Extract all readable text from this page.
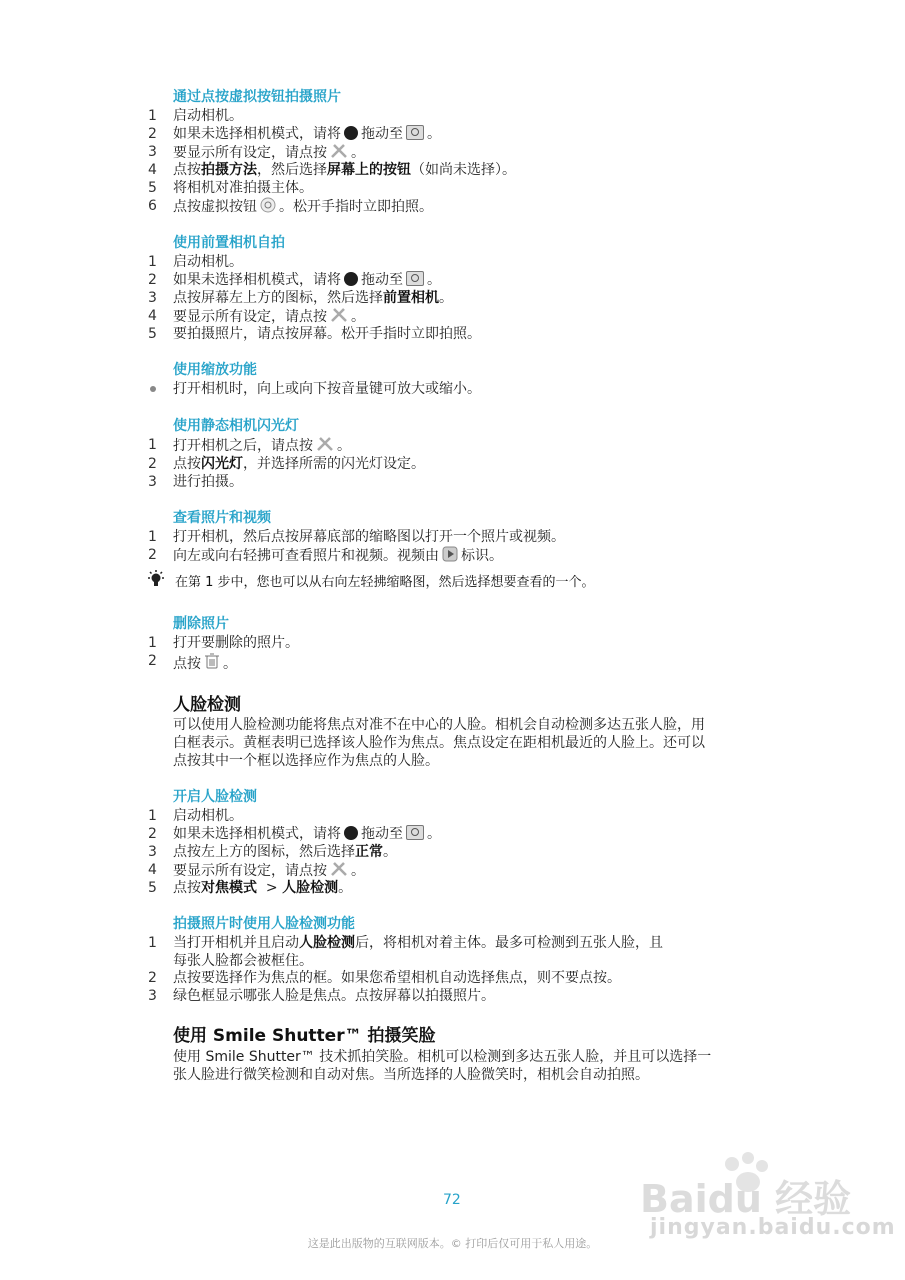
通过点按虚拟按钮拍摄照片
1	启动相机。
2	如果未选择相机模式，请将 拖动至 。
3	要显示所有设定，请点按 。
4	点按拍摄方法，然后选择屏幕上的按钮（如尚未选择）。
5	将相机对准拍摄主体。
6	点按虚拟按钮 。松开手指时立即拍照。
使用前置相机自拍
1	启动相机。
2	如果未选择相机模式，请将 拖动至 。
3	点按屏幕左上方的图标，然后选择前置相机。
4	要显示所有设定，请点按 。
5	要拍摄照片，请点按屏幕。松开手指时立即拍照。
使用缩放功能
打开相机时，向上或向下按音量键可放大或缩小。
使用静态相机闪光灯
1	打开相机之后，请点按 。
2	点按闪光灯，并选择所需的闪光灯设定。
3	进行拍摄。
查看照片和视频
1	打开相机，然后点按屏幕底部的缩略图以打开一个照片或视频。
2	向左或向右轻拂可查看照片和视频。视频由 标识。
在第 1 步中，您也可以从右向左轻拂缩略图，然后选择想要查看的一个。
删除照片
1	打开要删除的照片。
2	点按 。
人脸检测
可以使用人脸检测功能将焦点对准不在中心的人脸。相机会自动检测多达五张人脸，用
白框表示。黄框表明已选择该人脸作为焦点。焦点设定在距相机最近的人脸上。还可以
点按其中一个框以选择应作为焦点的人脸。
开启人脸检测
1	启动相机。
2	如果未选择相机模式，请将 拖动至 。
3	点按左上方的图标，然后选择正常。
4	要显示所有设定，请点按 。
5	点按对焦模式  > 人脸检测。
拍摄照片时使用人脸检测功能
1	当打开相机并且启动人脸检测后，将相机对着主体。最多可检测到五张人脸，且
每张人脸都会被框住。
2	点按要选择作为焦点的框。如果您希望相机自动选择焦点，则不要点按。
3	绿色框显示哪张人脸是焦点。点按屏幕以拍摄照片。
使用 Smile Shutter™ 拍摄笑脸
使用 Smile Shutter™ 技术抓拍笑脸。相机可以检测到多达五张人脸，并且可以选择一
张人脸进行微笑检测和自动对焦。当所选择的人脸微笑时，相机会自动拍照。
Baidu 经验
jingyan.baidu.com
72
这是此出版物的互联网版本。© 打印后仅可用于私人用途。
